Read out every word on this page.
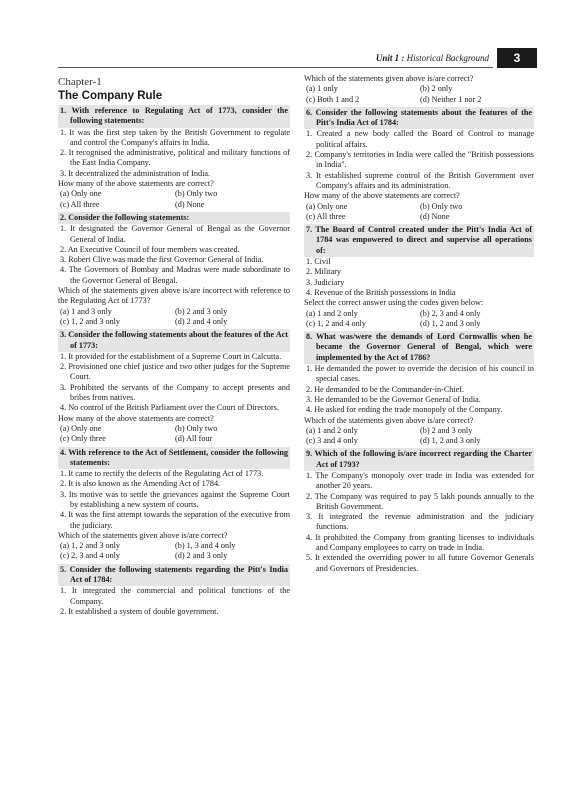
Unit 1 : Historical Background	3
Chapter-1
The Company Rule
1. With reference to Regulating Act of 1773, consider the following statements:
1. It was the first step taken by the British Government to regulate and control the Company's affairs in India.
2. It recognised the administrative, political and military functions of the East India Company.
3. It decentralized the administration of India.
How many of the above statements are correct?
(a) Only one	(b) Only two
(c) All three	(d) None
2. Consider the following statements:
1. It designated the Governor General of Bengal as the Governor General of India.
2. An Executive Council of four members was created.
3. Robert Clive was made the first Governor General of India.
4. The Governors of Bombay and Madras were made subordinate to the Governor General of Bengal.
Which of the statements given above is/are incorrect with reference to the Regulating Act of 1773?
(a) 1 and 3 only	(b) 2 and 3 only
(c) 1, 2 and 3 only	(d) 2 and 4 only
3. Consider the following statements about the features of the Act of 1773:
1. It provided for the establishment of a Supreme Court in Calcutta.
2. Provisioned one chief justice and two other judges for the Supreme Court.
3. Prohibited the servants of the Company to accept presents and bribes from natives.
4. No control of the British Parliament over the Court of Directors.
How many of the above statements are correct?
(a) Only one	(b) Only two
(c) Only three	(d) All four
4. With reference to the Act of Settlement, consider the following statements:
1. It came to rectify the defects of the Regulating Act of 1773.
2. It is also known as the Amending Act of 1784.
3. Its motive was to settle the grievances against the Supreme Court by establishing a new system of courts.
4. It was the first attempt towards the separation of the executive from the judiciary.
Which of the statements given above is/are correct?
(a) 1, 2 and 3 only	(b) 1, 3 and 4 only
(c) 2, 3 and 4 only	(d) 2 and 3 only
5. Consider the following statements regarding the Pitt's India Act of 1784:
1. It integrated the commercial and political functions of the Company.
2. It established a system of double government.
Which of the statements given above is/are correct?
(a) 1 only	(b) 2 only
(c) Both 1 and 2	(d) Neither 1 nor 2
6. Consider the following statements about the features of the Pitt's India Act of 1784:
1. Created a new body called the Board of Control to manage political affairs.
2. Company's territories in India were called the "British possessions in India".
3. It established supreme control of the British Government over Company's affairs and its administration.
How many of the above statements are correct?
(a) Only one	(b) Only two
(c) All three	(d) None
7. The Board of Control created under the Pitt's India Act of 1784 was empowered to direct and supervise all operations of:
1. Civil
2. Military
3. Judiciary
4. Revenue of the British possessions in India
Select the correct answer using the codes given below:
(a) 1 and 2 only	(b) 2, 3 and 4 only
(c) 1, 2 and 4 only	(d) 1, 2 and 3 only
8. What was/were the demands of Lord Cornwallis when he became the Governor General of Bengal, which were implemented by the Act of 1786?
1. He demanded the power to override the decision of his council in special cases.
2. He demanded to be the Commander-in-Chief.
3. He demanded to be the Governor General of India.
4. He asked for ending the trade monopoly of the Company.
Which of the statements given above is/are correct?
(a) 1 and 2 only	(b) 2 and 3 only
(c) 3 and 4 only	(d) 1, 2 and 3 only
9. Which of the following is/are incorrect regarding the Charter Act of 1793?
1. The Company's monopoly over trade in India was extended for another 20 years.
2. The Company was required to pay 5 lakh pounds annually to the British Government.
3. It integrated the revenue administration and the judiciary functions.
4. It prohibited the Company from granting licenses to individuals and Company employees to carry on trade in India.
5. It extended the overriding power to all future Governor Generals and Governors of Presidencies.
